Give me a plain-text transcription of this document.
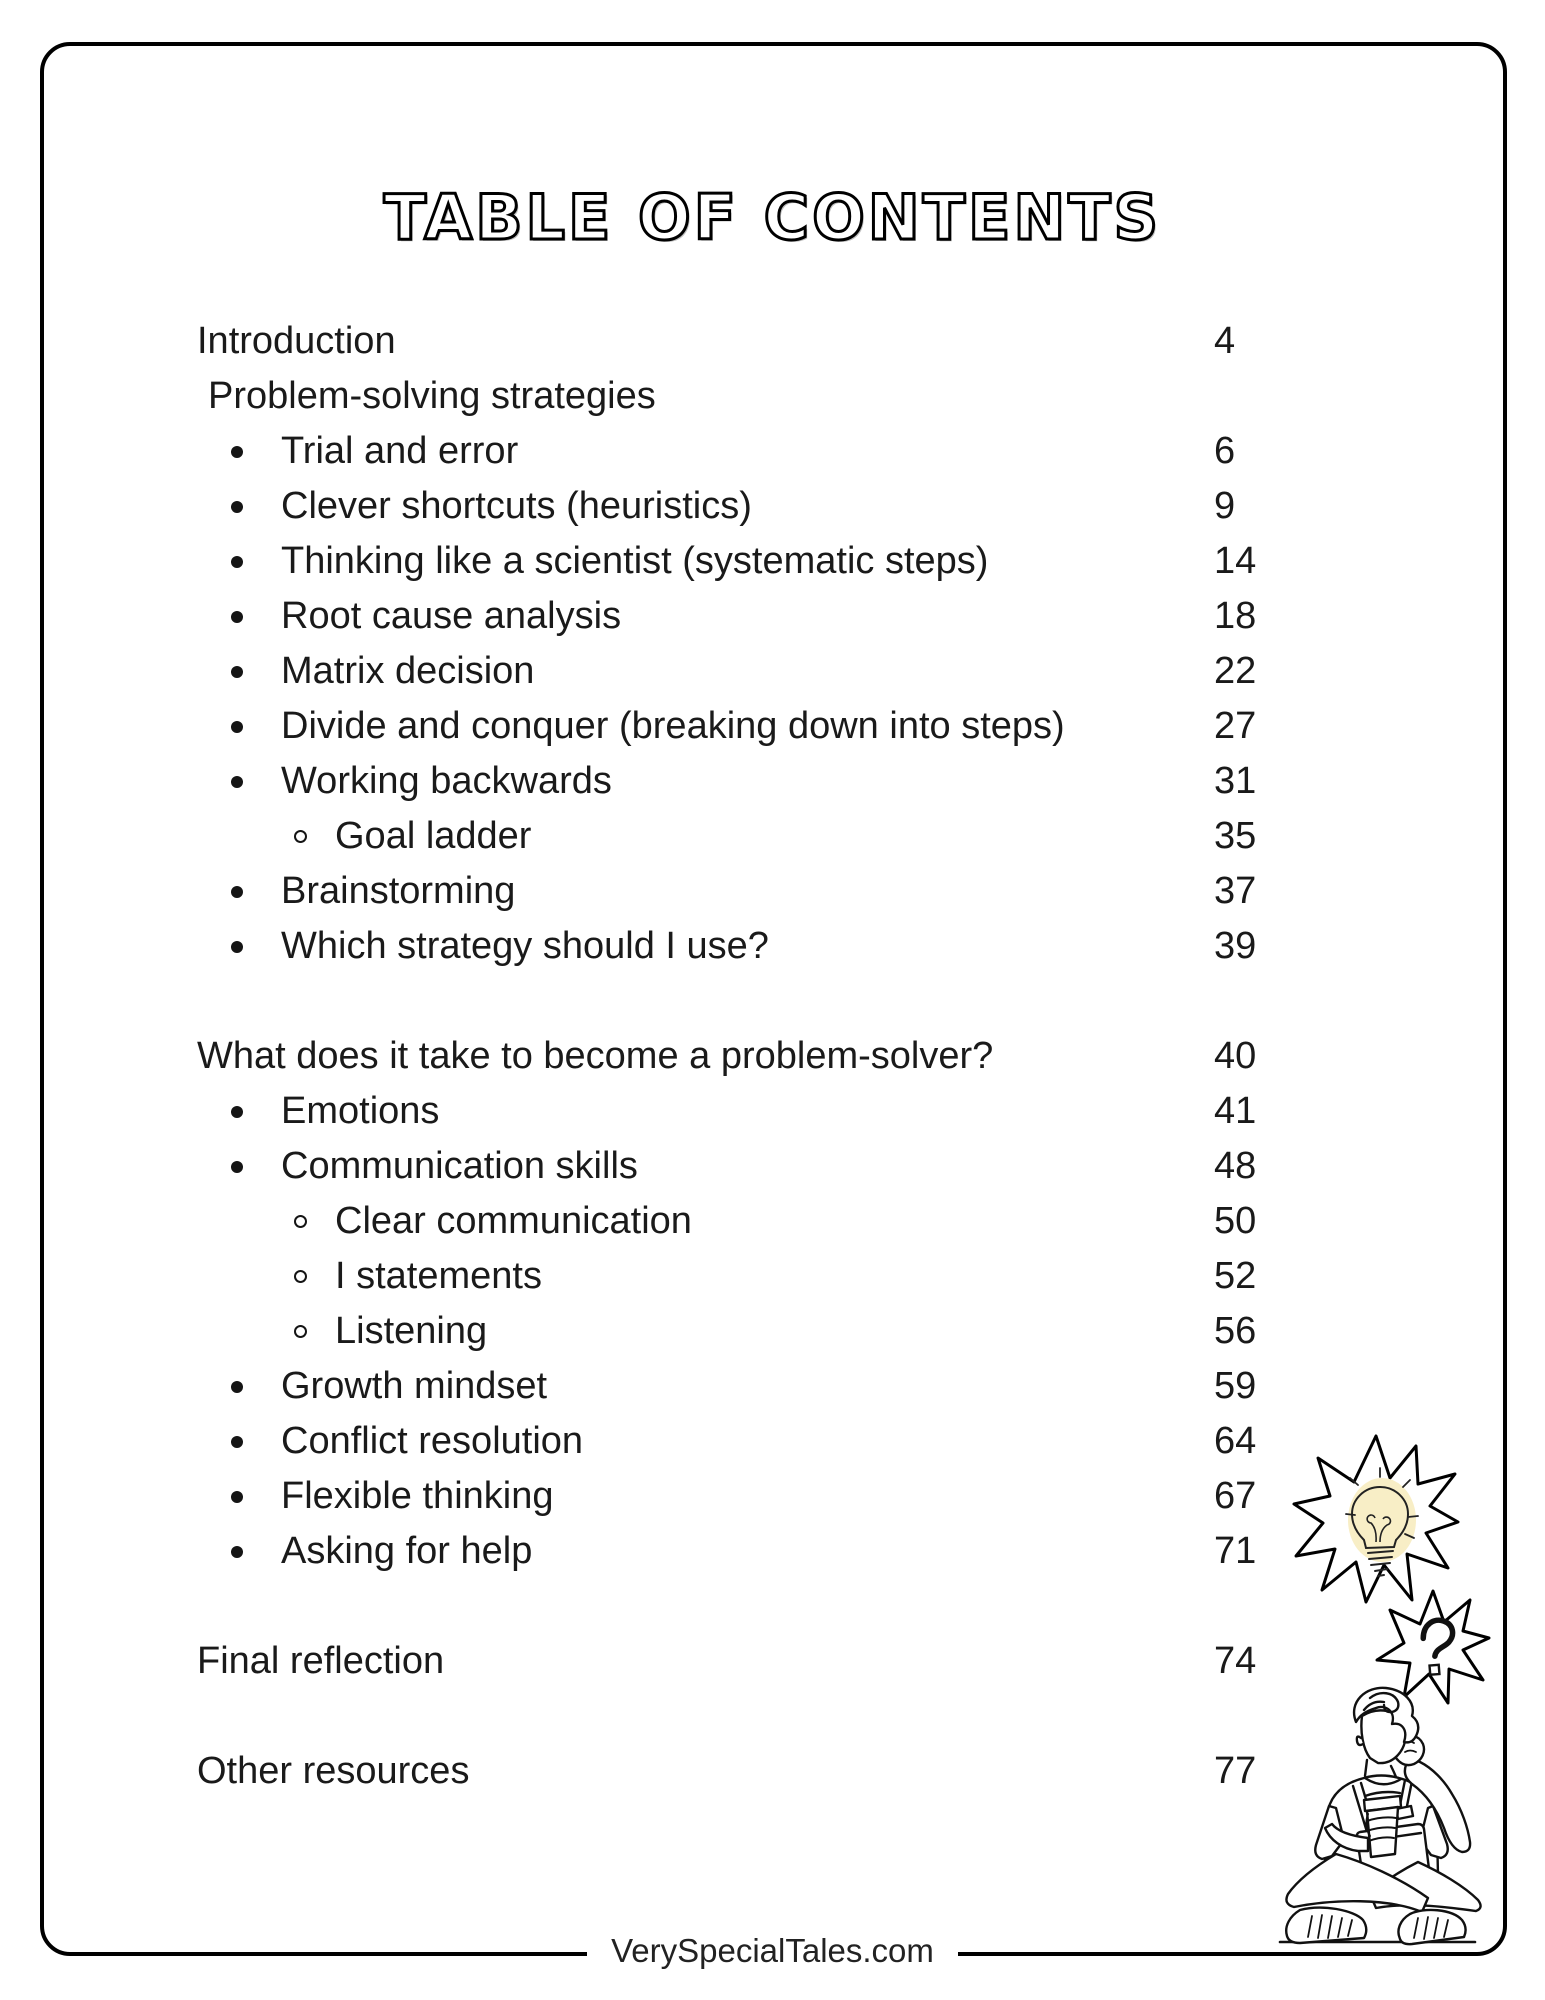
TABLE OF CONTENTS
Introduction	4
Problem-solving strategies
Trial and error	6
Clever shortcuts (heuristics)	9
Thinking like a scientist (systematic steps)	14
Root cause analysis	18
Matrix decision	22
Divide and conquer (breaking down into steps)	27
Working backwards	31
Goal ladder	35
Brainstorming	37
Which strategy should I use?	39
What does it take to become a problem-solver?	40
Emotions	41
Communication skills	48
Clear communication	50
I statements	52
Listening	56
Growth mindset	59
Conflict resolution	64
Flexible thinking	67
Asking for help	71
Final reflection	74
Other resources	77
VerySpecialTales.com
